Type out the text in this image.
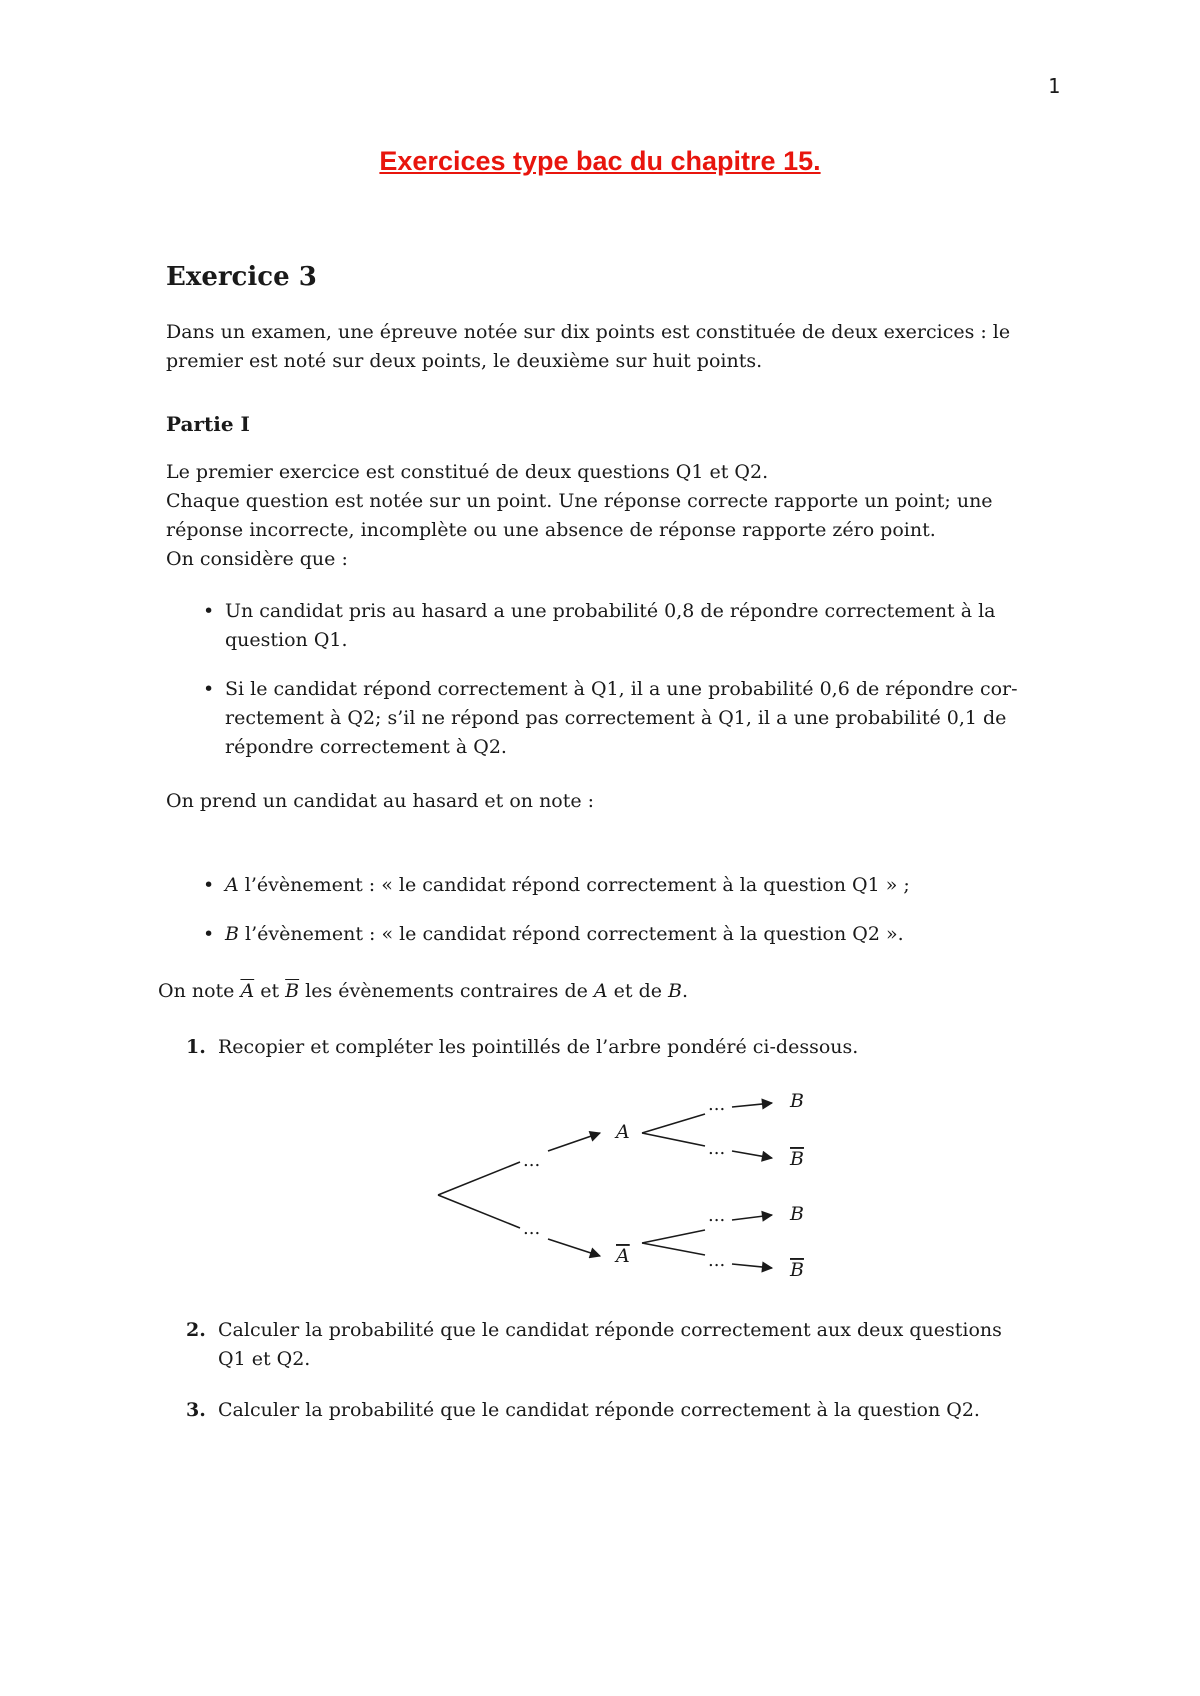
1
Exercices type bac du chapitre 15.
Exercice 3
Dans un examen, une épreuve notée sur dix points est constituée de deux exercices : le
premier est noté sur deux points, le deuxième sur huit points.
Partie I
Le premier exercice est constitué de deux questions Q1 et Q2.
Chaque question est notée sur un point. Une réponse correcte rapporte un point; une
réponse incorrecte, incomplète ou une absence de réponse rapporte zéro point.
On considère que :
• Un candidat pris au hasard a une probabilité 0,8 de répondre correctement à la
question Q1.
• Si le candidat répond correctement à Q1, il a une probabilité 0,6 de répondre cor-
rectement à Q2; s’il ne répond pas correctement à Q1, il a une probabilité 0,1 de
répondre correctement à Q2.
On prend un candidat au hasard et on note :
• A l’évènement : « le candidat répond correctement à la question Q1 » ;
• B l’évènement : « le candidat répond correctement à la question Q2 ».
On note $\overline{A}$ et $\overline{B}$ les évènements contraires de A et de B.
1. Recopier et compléter les pointillés de l’arbre pondéré ci-dessous.
...
...
A
A
...
...
B
B
...
...
B
B
2. Calculer la probabilité que le candidat réponde correctement aux deux questions
Q1 et Q2.
3. Calculer la probabilité que le candidat réponde correctement à la question Q2.
